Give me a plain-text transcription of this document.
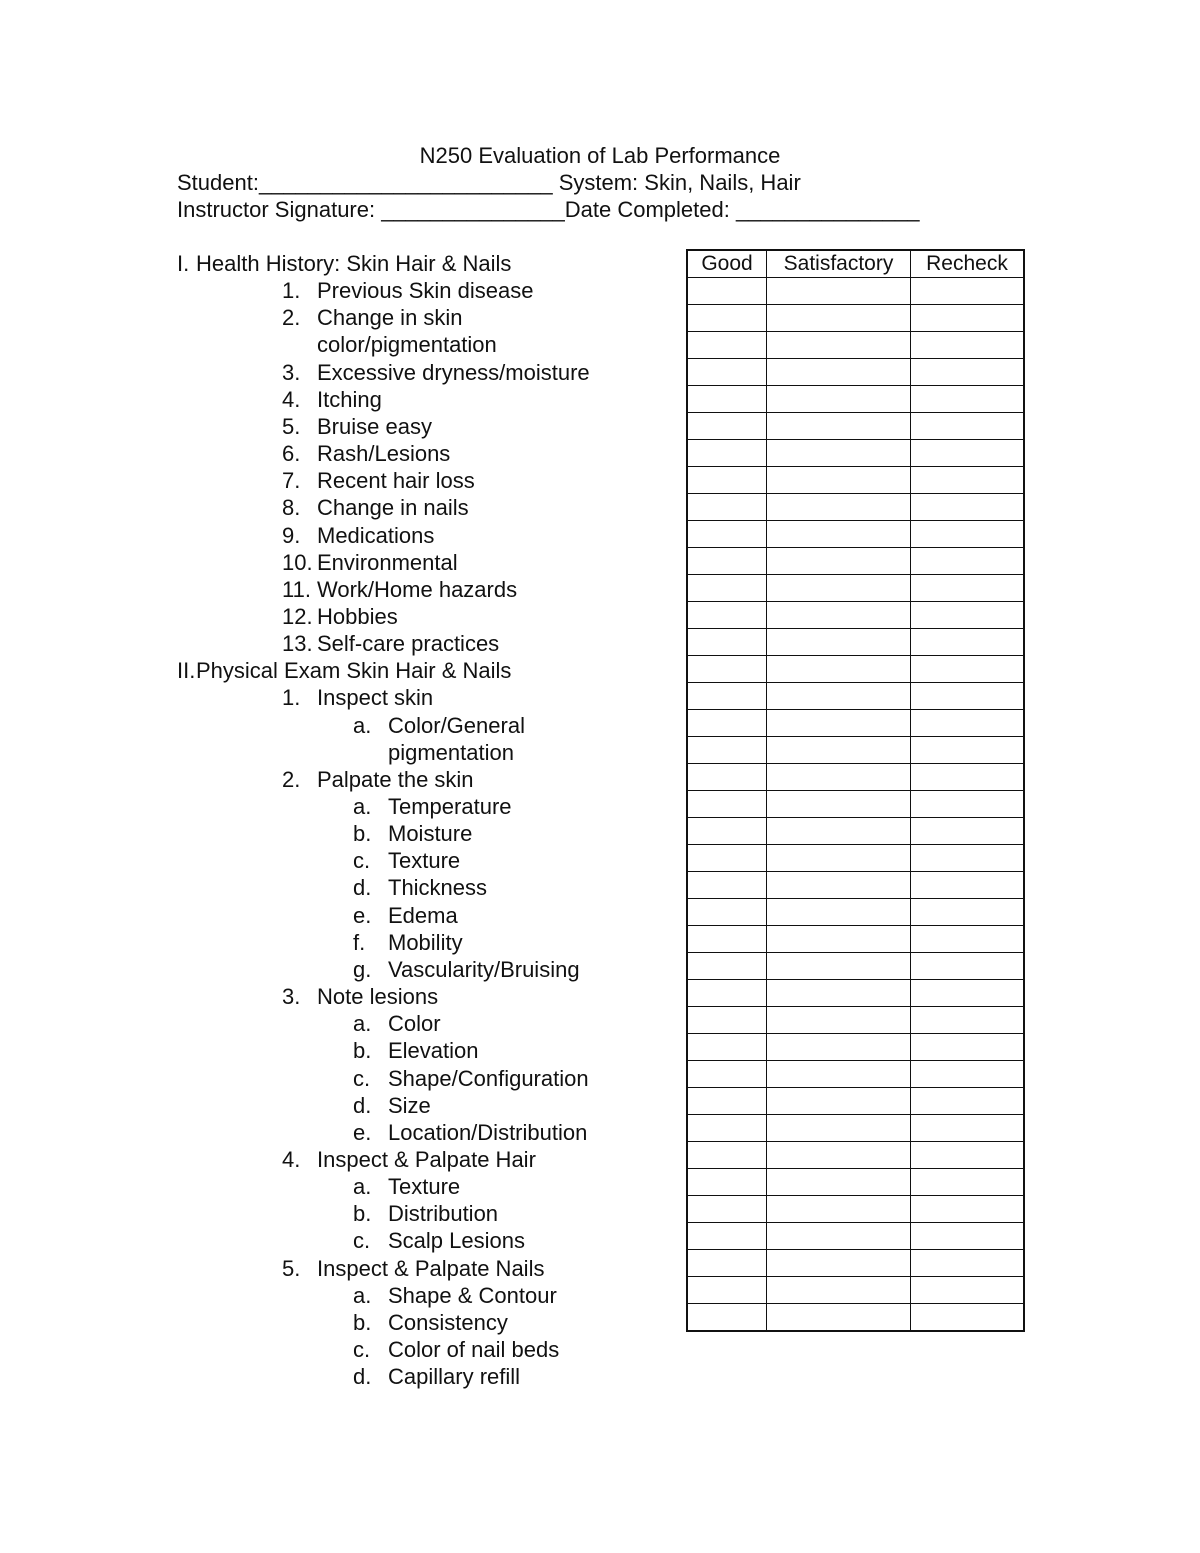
N250 Evaluation of Lab Performance
Student:________________________ System: Skin, Nails, Hair
Instructor Signature: _______________Date Completed: _______________
I. Health History: Skin Hair & Nails
1. Previous Skin disease
2. Change in skin
color/pigmentation
3. Excessive dryness/moisture
4. Itching
5. Bruise easy
6. Rash/Lesions
7. Recent hair loss
8. Change in nails
9. Medications
10. Environmental
11. Work/Home hazards
12. Hobbies
13. Self-care practices
II. Physical Exam Skin Hair & Nails
1. Inspect skin
a. Color/General
pigmentation
2. Palpate the skin
a. Temperature
b. Moisture
c. Texture
d. Thickness
e. Edema
f. Mobility
g. Vascularity/Bruising
3. Note lesions
a. Color
b. Elevation
c. Shape/Configuration
d. Size
e. Location/Distribution
4. Inspect & Palpate Hair
a. Texture
b. Distribution
c. Scalp Lesions
5. Inspect & Palpate Nails
a. Shape & Contour
b. Consistency
c. Color of nail beds
d. Capillary refill
Good	Satisfactory	Recheck
